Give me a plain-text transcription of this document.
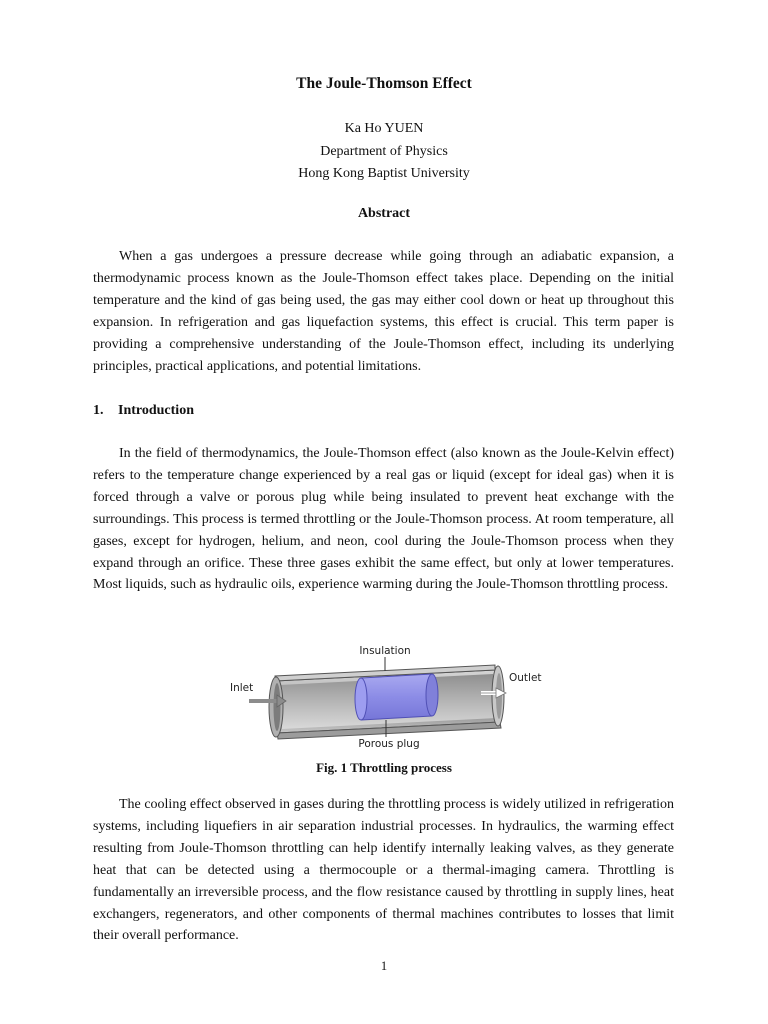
The Joule-Thomson Effect
Ka Ho YUEN
Department of Physics
Hong Kong Baptist University
Abstract

When a gas undergoes a pressure decrease while going through an adiabatic expansion, a thermodynamic process known as the Joule-Thomson effect takes place. Depending on the initial temperature and the kind of gas being used, the gas may either cool down or heat up throughout this expansion. In refrigeration and gas liquefaction systems, this effect is crucial. This term paper is providing a comprehensive understanding of the Joule-Thomson effect, including its underlying principles, practical applications, and potential limitations.

1. Introduction

In the field of thermodynamics, the Joule-Thomson effect (also known as the Joule-Kelvin effect) refers to the temperature change experienced by a real gas or liquid (except for ideal gas) when it is forced through a valve or porous plug while being insulated to prevent heat exchange with the surroundings. This process is termed throttling or the Joule-Thomson process. At room temperature, all gases, except for hydrogen, helium, and neon, cool during the Joule-Thomson process when they expand through an orifice. These three gases exhibit the same effect, but only at lower temperatures. Most liquids, such as hydraulic oils, experience warming during the Joule-Thomson throttling process.

Insulation
Inlet
Outlet
Porous plug
Fig. 1 Throttling process

The cooling effect observed in gases during the throttling process is widely utilized in refrigeration systems, including liquefiers in air separation industrial processes. In hydraulics, the warming effect resulting from Joule-Thomson throttling can help identify internally leaking valves, as they generate heat that can be detected using a thermocouple or a thermal-imaging camera. Throttling is fundamentally an irreversible process, and the flow resistance caused by throttling in supply lines, heat exchangers, regenerators, and other components of thermal machines contributes to losses that limit their overall performance.

1
